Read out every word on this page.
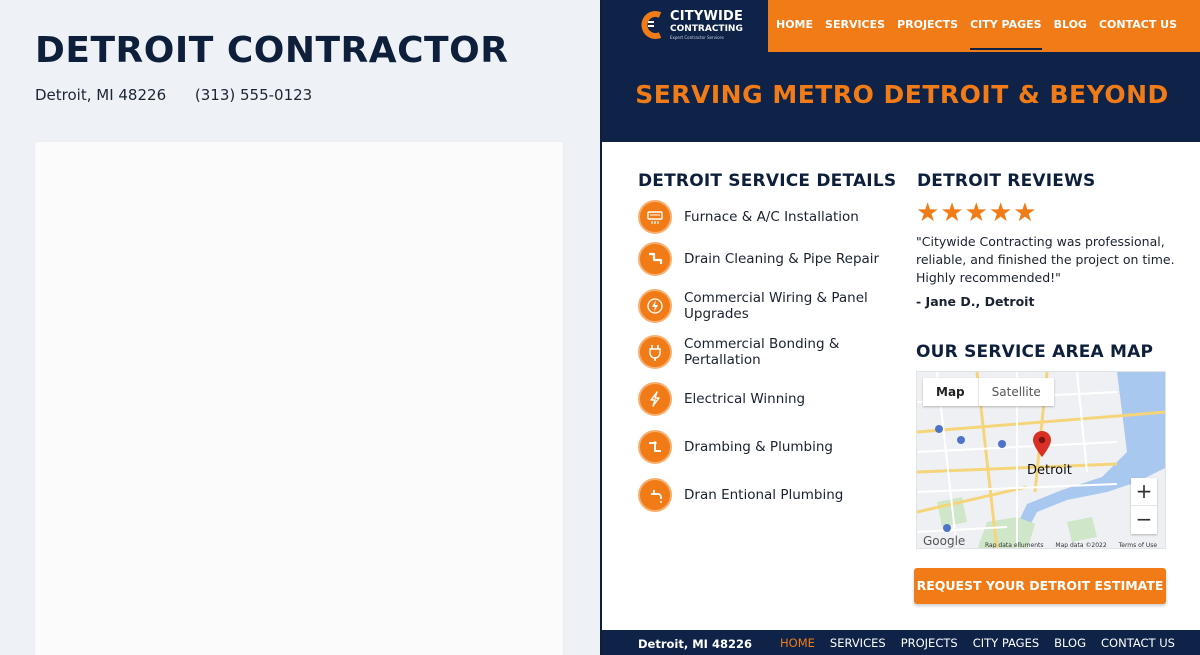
DETROIT CONTRACTOR
Detroit, MI 48226 (313) 555-0123
CITYWIDE
CONTRACTING
Expert Contractor Services
HOME SERVICES PROJECTS CITY PAGES BLOG CONTACT US
SERVING METRO DETROIT & BEYOND
DETROIT SERVICE DETAILS
Furnace & A/C Installation
Drain Cleaning & Pipe Repair
Commercial Wiring & Panel Upgrades
Commercial Bonding & Pertallation
Electrical Winning
Drambing & Plumbing
Dran Entional Plumbing
DETROIT REVIEWS
★ ★ ★ ★ ★

"Citywide Contracting was professional, reliable, and finished the project on time. Highly recommended!"

- Jane D., Detroit
OUR SERVICE AREA MAP
Map	Satellite
Detroit
+
−
Google	Rap data elluments Map data ©2022 Terms of Use
REQUEST YOUR DETROIT ESTIMATE
Detroit, MI 48226 HOME SERVICES PROJECTS CITY PAGES BLOG CONTACT US
